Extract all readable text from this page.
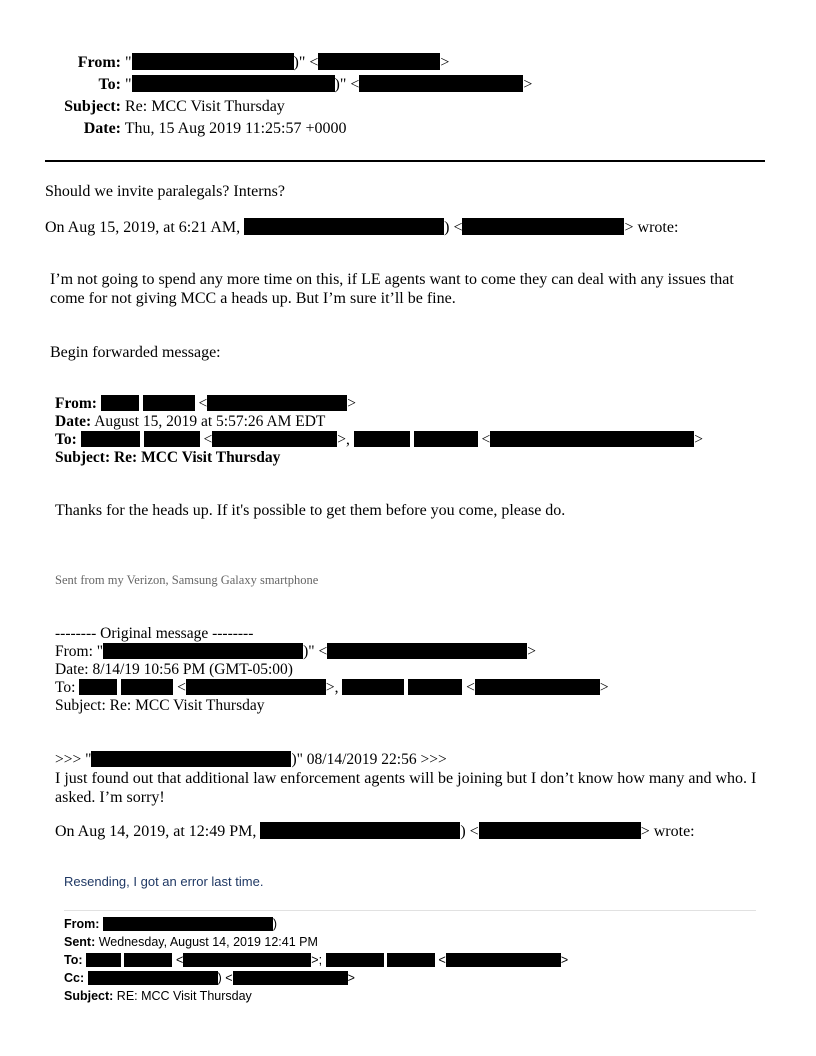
From: "	)" <	>
To: "	)" <	>
Subject: Re: MCC Visit Thursday
Date: Thu, 15 Aug 2019 11:25:57 +0000
Should we invite paralegals? Interns?
On Aug 15, 2019, at 6:21 AM,	) <	> wrote:
I’m not going to spend any more time on this, if LE agents want to come they can deal with any issues that
come for not giving MCC a heads up. But I’m sure it’ll be fine.
Begin forwarded message:
From:	<	>
Date: August 15, 2019 at 5:57:26 AM EDT
To:	<	>,	<	>
Subject: Re: MCC Visit Thursday
Thanks for the heads up. If it's possible to get them before you come, please do.
Sent from my Verizon, Samsung Galaxy smartphone
-------- Original message --------
From: "	)" <	>
Date: 8/14/19 10:56 PM (GMT-05:00)
To:	<	>,	<	>
Subject: Re: MCC Visit Thursday
>>> "	)" 08/14/2019 22:56 >>>
I just found out that additional law enforcement agents will be joining but I don’t know how many and who. I
asked. I’m sorry!
On Aug 14, 2019, at 12:49 PM,	) <	> wrote:
Resending, I got an error last time.
From:	)
Sent: Wednesday, August 14, 2019 12:41 PM
To:	<	>;	<	>
Cc:	) <	>
Subject: RE: MCC Visit Thursday
